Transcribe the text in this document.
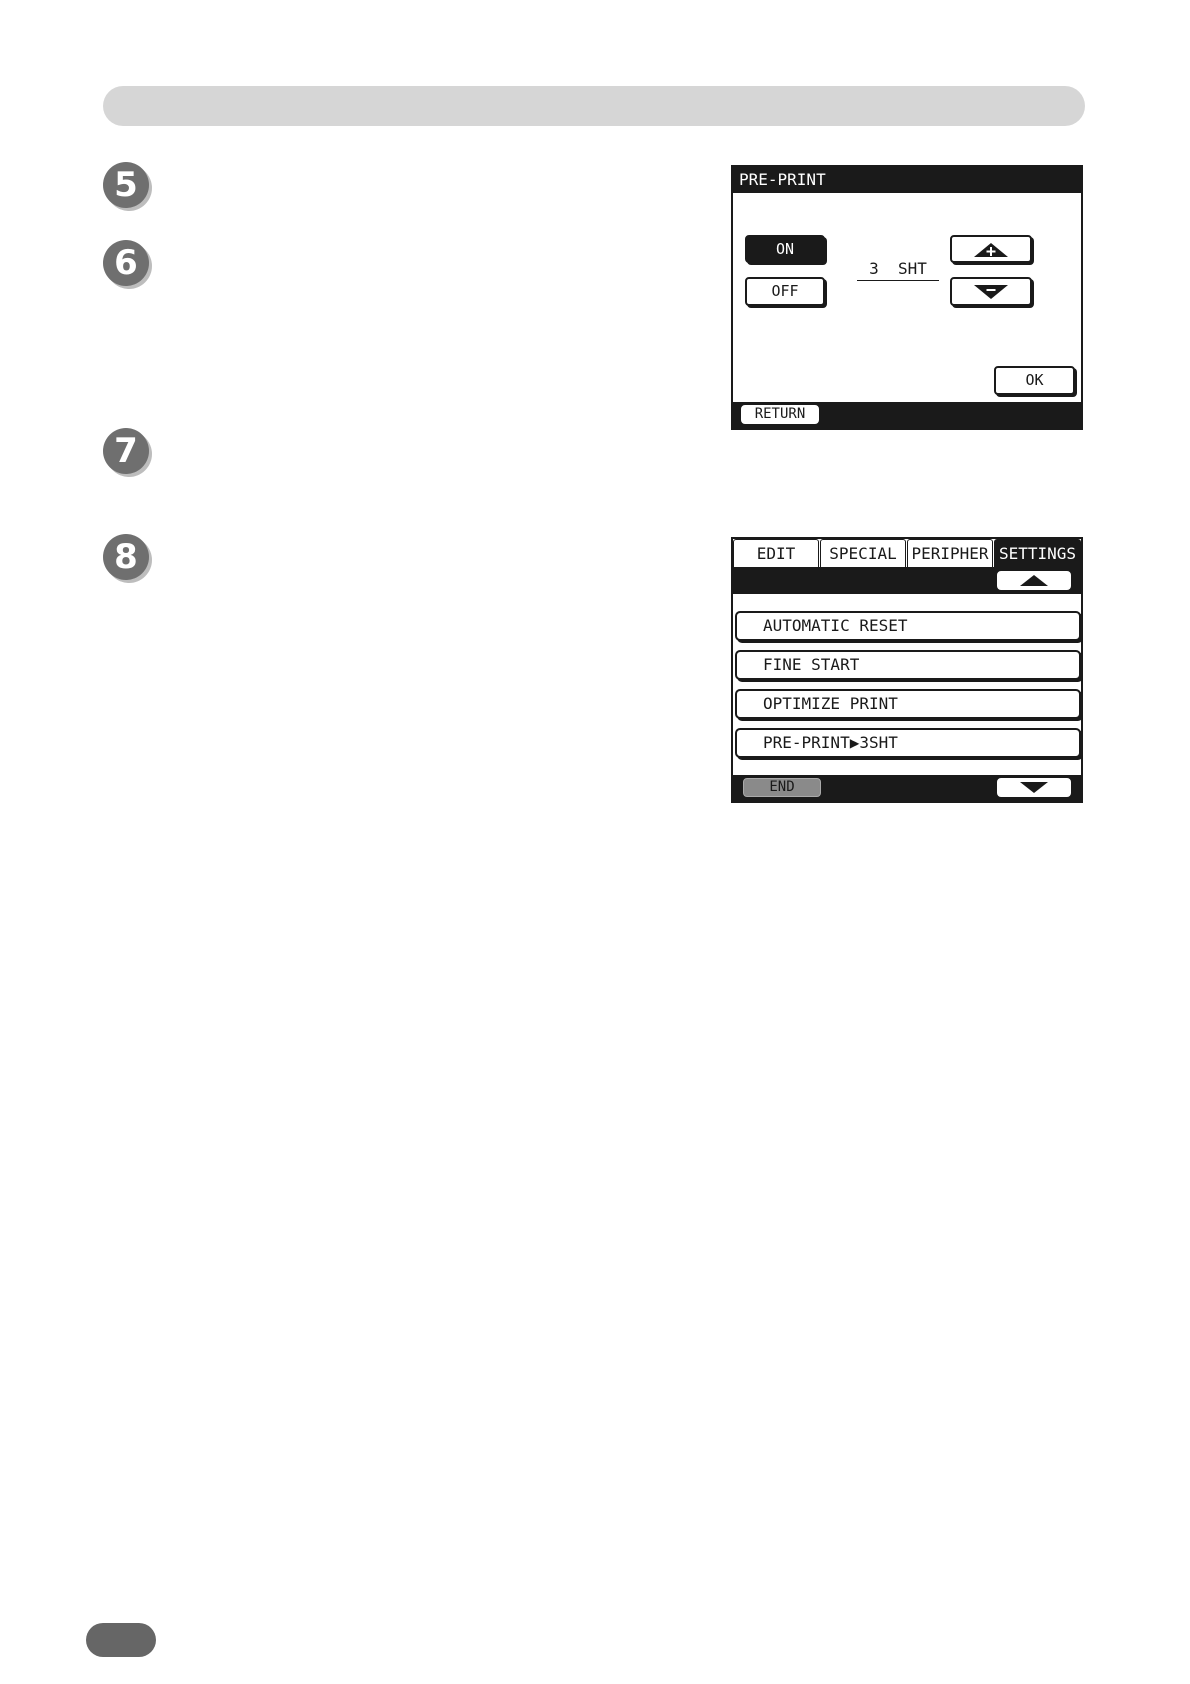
5
6
7
8
PRE-PRINT
ON
OFF
3 SHT
OK
RETURN
EDIT	SPECIAL PERIPHER SETTINGS
AUTOMATIC RESET
FINE START
OPTIMIZE PRINT
PRE-PRINT▶3SHT
END
